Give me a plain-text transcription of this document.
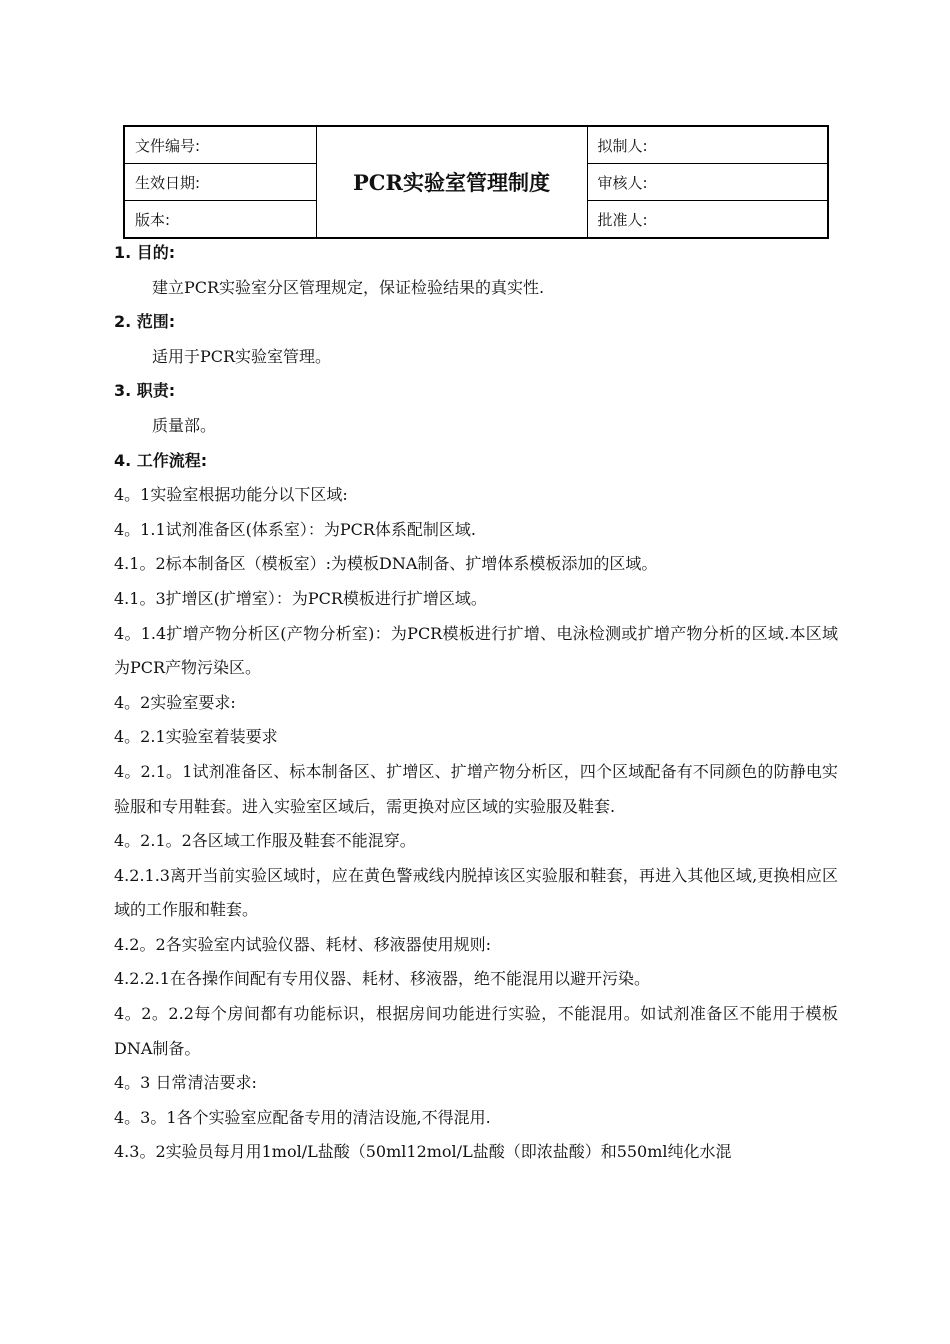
文件编号:	PCR实验室管理制度	拟制人:
生效日期:		审核人:
版本:		批准人:

1. 目的:

建立PCR实验室分区管理规定，保证检验结果的真实性.

2. 范围:

适用于PCR实验室管理。

3. 职责:

质量部。

4. 工作流程:

4。1实验室根据功能分以下区域:

4。1.1试剂准备区(体系室）：为PCR体系配制区域.

4.1。2标本制备区（模板室）:为模板DNA制备、扩增体系模板添加的区域。

4.1。3扩增区(扩增室）：为PCR模板进行扩增区域。

4。1.4扩增产物分析区(产物分析室)：为PCR模板进行扩增、电泳检测或扩增产物分析的区域.本区域为PCR产物污染区。

4。2实验室要求:

4。2.1实验室着装要求

4。2.1。1试剂准备区、标本制备区、扩增区、扩增产物分析区，四个区域配备有不同颜色的防静电实验服和专用鞋套。进入实验室区域后，需更换对应区域的实验服及鞋套.

4。2.1。2各区域工作服及鞋套不能混穿。

4.2.1.3离开当前实验区域时，应在黄色警戒线内脱掉该区实验服和鞋套，再进入其他区域,更换相应区域的工作服和鞋套。

4.2。2各实验室内试验仪器、耗材、移液器使用规则:

4.2.2.1在各操作间配有专用仪器、耗材、移液器，绝不能混用以避开污染。

4。2。2.2每个房间都有功能标识，根据房间功能进行实验，不能混用。如试剂准备区不能用于模板DNA制备。

4。3 日常清洁要求:

4。3。1各个实验室应配备专用的清洁设施,不得混用.

4.3。2实验员每月用1mol/L盐酸（50ml12mol/L盐酸（即浓盐酸）和550ml纯化水混
